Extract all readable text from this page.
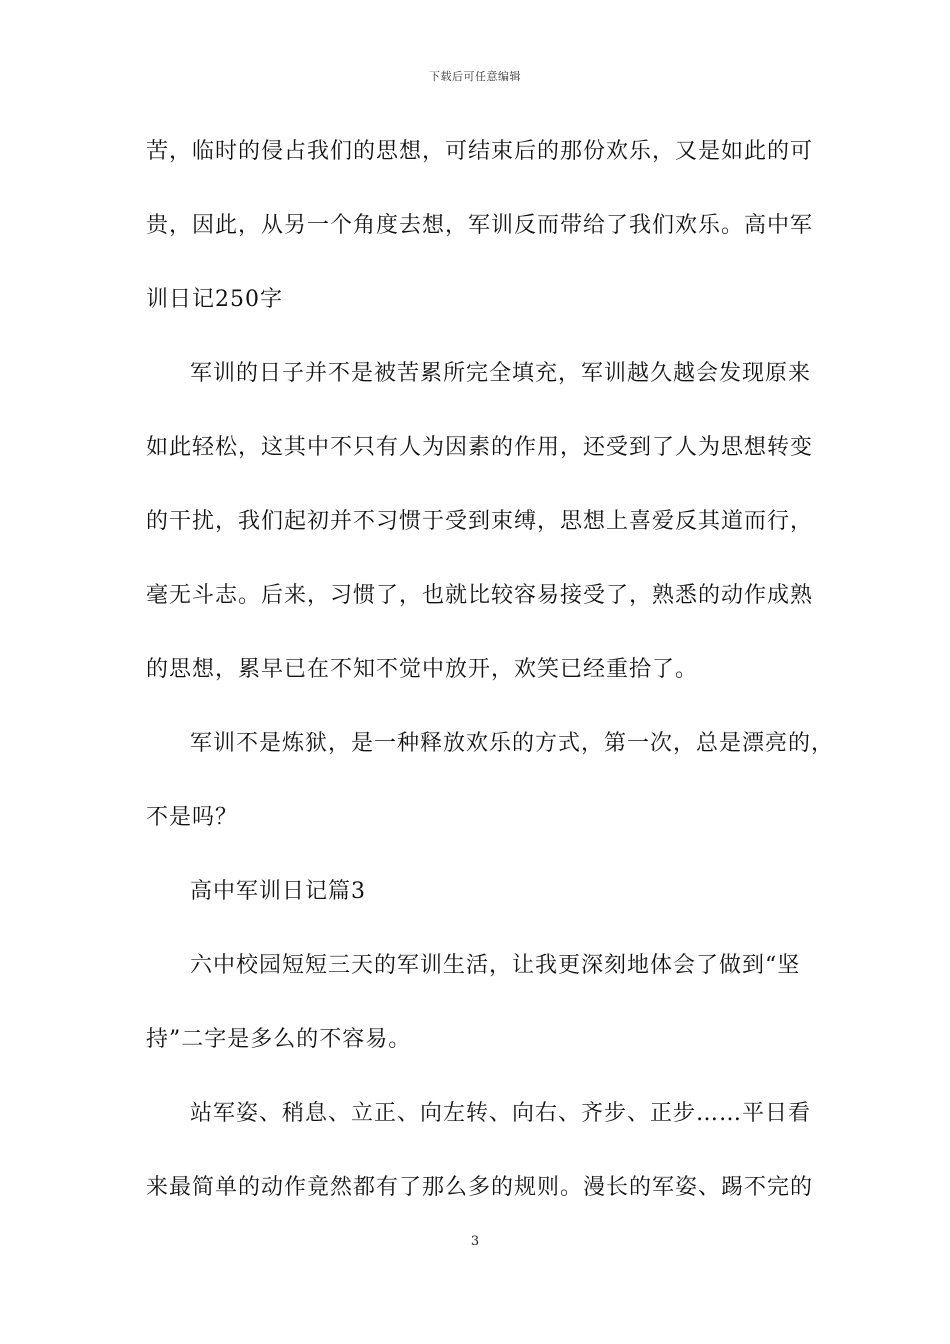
下载后可任意编辑
苦，临时的侵占我们的思想，可结束后的那份欢乐，又是如此的可
贵，因此，从另一个角度去想，军训反而带给了我们欢乐。高中军
训日记250字
军训的日子并不是被苦累所完全填充，军训越久越会发现原来
如此轻松，这其中不只有人为因素的作用，还受到了人为思想转变
的干扰，我们起初并不习惯于受到束缚，思想上喜爱反其道而行，
毫无斗志。后来，习惯了，也就比较容易接受了，熟悉的动作成熟
的思想，累早已在不知不觉中放开，欢笑已经重拾了。
军训不是炼狱，是一种释放欢乐的方式，第一次，总是漂亮的，
不是吗？
高中军训日记篇3
六中校园短短三天的军训生活，让我更深刻地体会了做到“坚
持”二字是多么的不容易。
站军姿、稍息、立正、向左转、向右、齐步、正步……平日看
来最简单的动作竟然都有了那么多的规则。漫长的军姿、踢不完的
3
